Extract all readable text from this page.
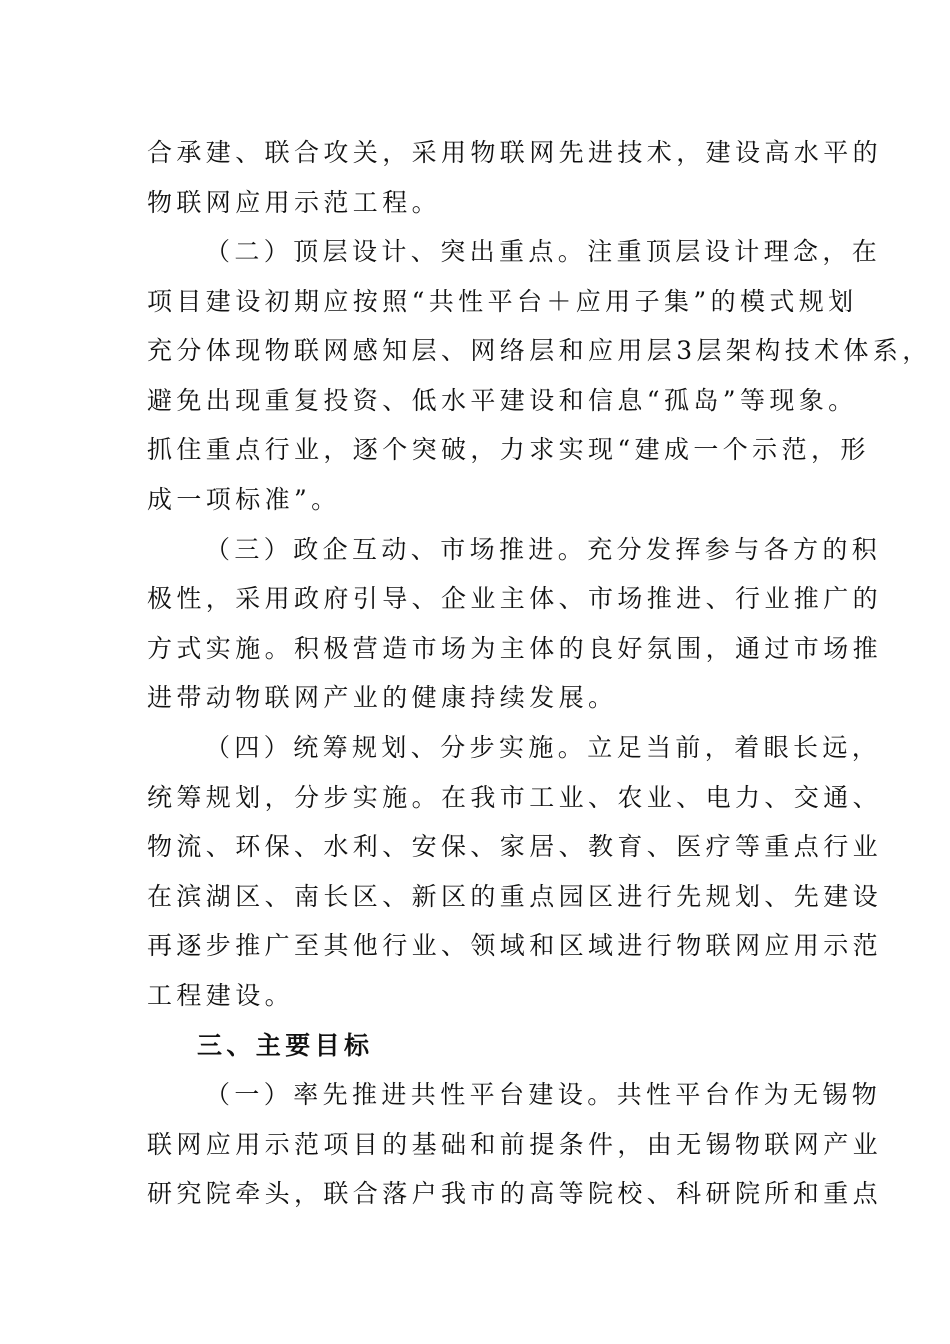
合承建、联合攻关，采用物联网先进技术，建设高水平的
物联网应用示范工程。
（二）顶层设计、突出重点。注重顶层设计理念，在
项目建设初期应按照“共性平台＋应用子集”的模式规划
充分体现物联网感知层、网络层和应用层3层架构技术体系，
避免出现重复投资、低水平建设和信息“孤岛”等现象。
抓住重点行业，逐个突破，力求实现“建成一个示范，形
成一项标准”。
（三）政企互动、市场推进。充分发挥参与各方的积
极性，采用政府引导、企业主体、市场推进、行业推广的
方式实施。积极营造市场为主体的良好氛围，通过市场推
进带动物联网产业的健康持续发展。
（四）统筹规划、分步实施。立足当前，着眼长远，
统筹规划，分步实施。在我市工业、农业、电力、交通、
物流、环保、水利、安保、家居、教育、医疗等重点行业
在滨湖区、南长区、新区的重点园区进行先规划、先建设
再逐步推广至其他行业、领域和区域进行物联网应用示范
工程建设。
三、主要目标
（一）率先推进共性平台建设。共性平台作为无锡物
联网应用示范项目的基础和前提条件，由无锡物联网产业
研究院牵头，联合落户我市的高等院校、科研院所和重点
